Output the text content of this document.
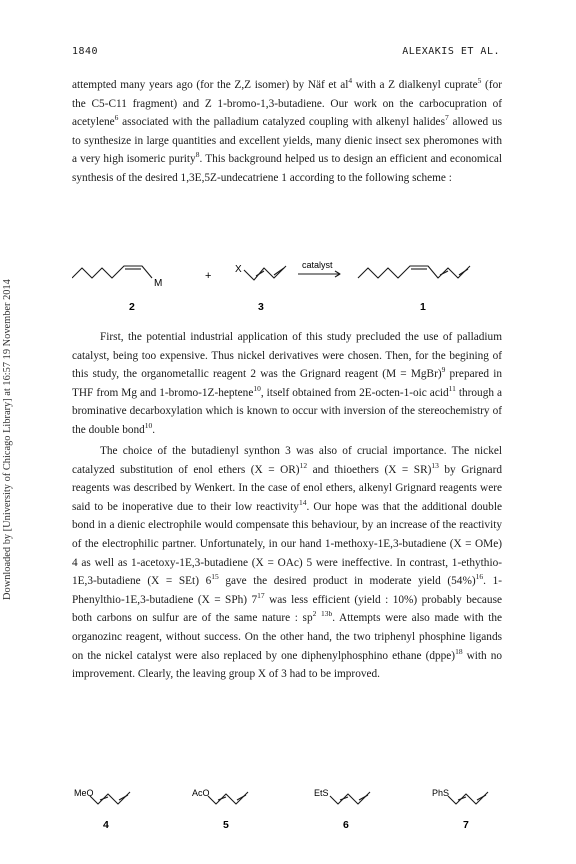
1840	ALEXAKIS ET AL.
Downloaded by [University of Chicago Library] at 16:57 19 November 2014

attempted many years ago (for the Z,Z isomer) by Näf et $al^4$ with a Z dialkenyl cuprate$^5$ (for the C5-C11 fragment) and Z 1-bromo-1,3-butadiene. Our work on the carbocupration of acetylene$^6$ associated with the palladium catalyzed coupling with alkenyl halides$^7$ allowed us to synthesize in large quantities and excellent yields, many dienic insect sex pheromones with a very high isomeric purity$^8$. This background helped us to design an efficient and economical synthesis of the desired 1,3E,5Z-undecatriene 1 according to the following scheme :

M
+
X	catalyst
2	3	1

First, the potential industrial application of this study precluded the use of palladium catalyst, being too expensive. Thus nickel derivatives were chosen. Then, for the begining of this study, the organometallic reagent 2 was the Grignard reagent (M = MgBr)$^9$ prepared in THF from Mg and 1-bromo-1Z-heptene$^{10}$, itself obtained from 2E-octen-1-oic acid$^{11}$ through a brominative decarboxylation which is known to occur with inversion of the stereochemistry of the double bond$^{10}$.

The choice of the butadienyl synthon 3 was also of crucial importance. The nickel catalyzed substitution of enol ethers (X = OR)$^{12}$ and thioethers (X = SR)$^{13}$ by Grignard reagents was described by Wenkert. In the case of enol ethers, alkenyl Grignard reagents were said to be inoperative due to their low reactivity$^{14}$. Our hope was that the additional double bond in a dienic electrophile would compensate this behaviour, by an increase of the reactivity of the electrophilic partner. Unfortunately, in our hand 1-methoxy-1E,3-butadiene (X = OMe) 4 as well as 1-acetoxy-1E,3-butadiene (X = OAc) 5 were ineffective. In contrast, 1-ethythio-1E,3-butadiene (X = SEt) $6^{15}$ gave the desired product in moderate yield $(54\%)^{16}$. 1-Phenylthio-1E,3-butadiene (X = SPh) $7^{17}$ was less efficient (yield : 10%) probably because both carbons on sulfur are of the same nature : $sp^2$ $^{13b}$. Attempts were also made with the organozinc reagent, without success. On the other hand, the two triphenyl phosphine ligands on the nickel catalyst were also replaced by one diphenylphosphino ethane (dppe)$^{18}$ with no improvement. Clearly, the leaving group X of 3 had to be improved.

MeO	AcO	EtS	PhS
4	5	6	7
